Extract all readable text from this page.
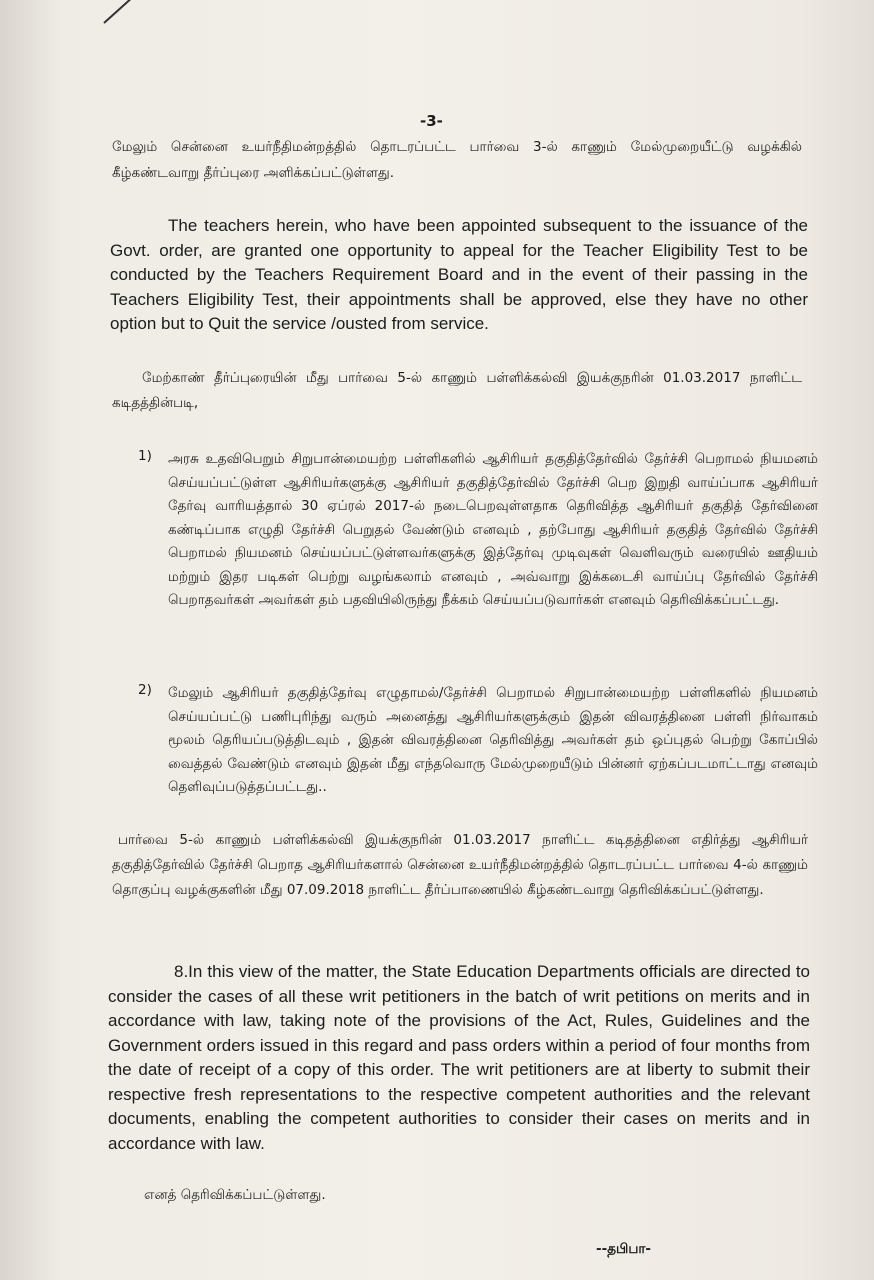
-3-

மேலும் சென்னை உயர்நீதிமன்றத்தில் தொடரப்பட்ட பார்வை 3-ல் காணும் மேல்முறையீட்டு வழக்கில் கீழ்கண்டவாறு தீர்ப்புரை அளிக்கப்பட்டுள்ளது.

The teachers herein, who have been appointed subsequent to the issuance of the Govt. order, are granted one opportunity to appeal for the Teacher Eligibility Test to be conducted by the Teachers Requirement Board and in the event of their passing in the Teachers Eligibility Test, their appointments shall be approved, else they have no other option but to Quit the service /ousted from service.
மேற்காண் தீர்ப்புரையின் மீது பார்வை 5-ல் காணும் பள்ளிக்கல்வி இயக்குநரின் 01.03.2017 நாளிட்ட கடிதத்தின்படி,
1) அரசு உதவிபெறும் சிறுபான்மையற்ற பள்ளிகளில் ஆசிரியர் தகுதித்தேர்வில் தேர்ச்சி பெறாமல் நியமனம் செய்யப்பட்டுள்ள ஆசிரியர்களுக்கு ஆசிரியர் தகுதித்தேர்வில் தேர்ச்சி பெற இறுதி வாய்ப்பாக ஆசிரியர் தேர்வு வாரியத்தால் 30 ஏப்ரல் 2017-ல் நடைபெறவுள்ளதாக தெரிவித்த ஆசிரியர் தகுதித் தேர்வினை கண்டிப்பாக எழுதி தேர்ச்சி பெறுதல் வேண்டும் எனவும் , தற்போது ஆசிரியர் தகுதித் தேர்வில் தேர்ச்சி பெறாமல் நியமனம் செய்யப்பட்டுள்ளவர்களுக்கு இத்தேர்வு முடிவுகள் வெளிவரும் வரையில் ஊதியம் மற்றும் இதர படிகள் பெற்று வழங்கலாம் எனவும் , அவ்வாறு இக்கடைசி வாய்ப்பு தேர்வில் தேர்ச்சி பெறாதவர்கள் அவர்கள் தம் பதவியிலிருந்து நீக்கம் செய்யப்படுவார்கள் எனவும் தெரிவிக்கப்பட்டது.
2) மேலும் ஆசிரியர் தகுதித்தேர்வு எழுதாமல்/தேர்ச்சி பெறாமல் சிறுபான்மையற்ற பள்ளிகளில் நியமனம் செய்யப்பட்டு பணிபுரிந்து வரும் அனைத்து ஆசிரியர்களுக்கும் இதன் விவரத்தினை பள்ளி நிர்வாகம் மூலம் தெரியப்படுத்திடவும் , இதன் விவரத்தினை தெரிவித்து அவர்கள் தம் ஒப்புதல் பெற்று கோப்பில் வைத்தல் வேண்டும் எனவும் இதன் மீது எந்தவொரு மேல்முறையீடும் பின்னர் ஏற்கப்படமாட்டாது எனவும் தெளிவுப்படுத்தப்பட்டது..
பார்வை 5-ல் காணும் பள்ளிக்கல்வி இயக்குநரின் 01.03.2017 நாளிட்ட கடிதத்தினை எதிர்த்து ஆசிரியர் தகுதித்தேர்வில் தேர்ச்சி பெறாத ஆசிரியர்களால் சென்னை உயர்நீதிமன்றத்தில் தொடரப்பட்ட பார்வை 4-ல் காணும் தொகுப்பு வழக்குகளின் மீது 07.09.2018 நாளிட்ட தீர்ப்பாணையில் கீழ்கண்டவாறு தெரிவிக்கப்பட்டுள்ளது.
8.In this view of the matter, the State Education Departments officials are directed to consider the cases of all these writ petitioners in the batch of writ petitions on merits and in accordance with law, taking note of the provisions of the Act, Rules, Guidelines and the Government orders issued in this regard and pass orders within a period of four months from the date of receipt of a copy of this order. The writ petitioners are at liberty to submit their respective fresh representations to the respective competent authorities and the relevant documents, enabling the competent authorities to consider their cases on merits and in accordance with law.
எனத் தெரிவிக்கப்பட்டுள்ளது.
--தபிபா-
